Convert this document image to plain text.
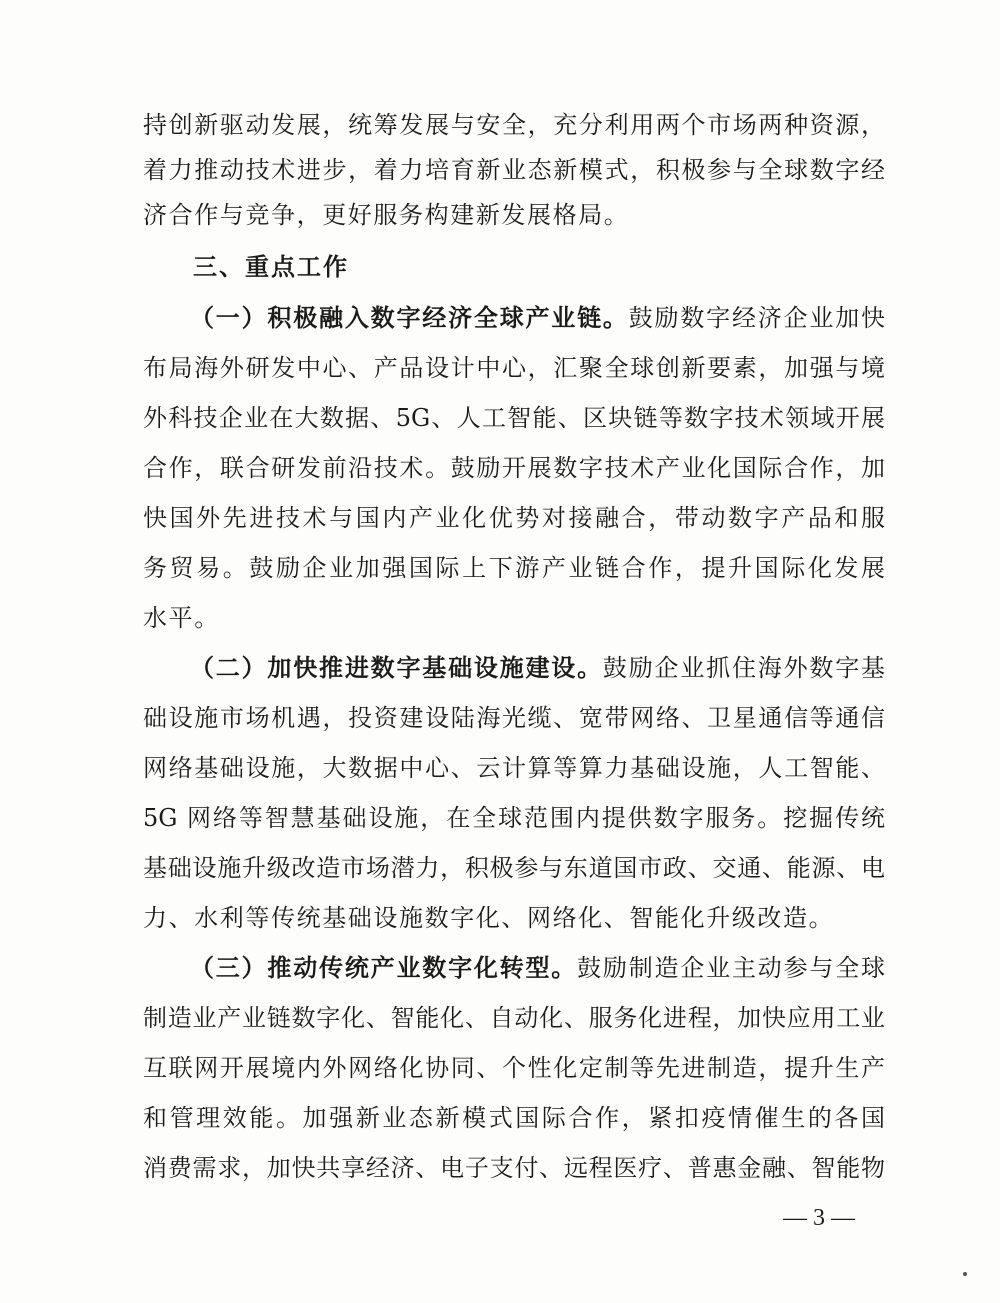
持创新驱动发展，统筹发展与安全，充分利用两个市场两种资源，
着力推动技术进步，着力培育新业态新模式，积极参与全球数字经
济合作与竞争，更好服务构建新发展格局。
三、重点工作
（一）积极融入数字经济全球产业链。鼓励数字经济企业加快
布局海外研发中心、产品设计中心，汇聚全球创新要素，加强与境
外科技企业在大数据、5G、人工智能、区块链等数字技术领域开展
合作，联合研发前沿技术。鼓励开展数字技术产业化国际合作，加
快国外先进技术与国内产业化优势对接融合，带动数字产品和服
务贸易。鼓励企业加强国际上下游产业链合作，提升国际化发展
水平。
（二）加快推进数字基础设施建设。鼓励企业抓住海外数字基
础设施市场机遇，投资建设陆海光缆、宽带网络、卫星通信等通信
网络基础设施，大数据中心、云计算等算力基础设施，人工智能、
5G 网络等智慧基础设施，在全球范围内提供数字服务。挖掘传统
基础设施升级改造市场潜力，积极参与东道国市政、交通、能源、电
力、水利等传统基础设施数字化、网络化、智能化升级改造。
（三）推动传统产业数字化转型。鼓励制造企业主动参与全球
制造业产业链数字化、智能化、自动化、服务化进程，加快应用工业
互联网开展境内外网络化协同、个性化定制等先进制造，提升生产
和管理效能。加强新业态新模式国际合作，紧扣疫情催生的各国
消费需求，加快共享经济、电子支付、远程医疗、普惠金融、智能物
— 3 —
